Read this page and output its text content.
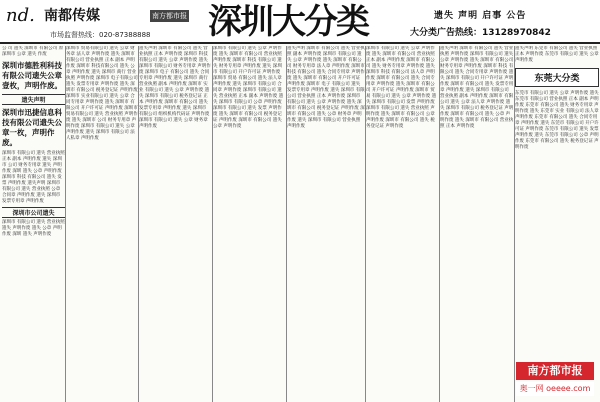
nd. 南都传媒	南方都市报
市场监督热线：020-87388888 深圳大分类	遗失 声明 启事 公告
大分类广告热线：13128970842
公 司 遗失 深圳市 有限公司 原 深圳市 公章 遗失 作废
深圳市德胜利科技有限公司遗失公章壹枚，声明作废。
遗失声明
深圳市迅捷信息科技有限公司遗失公章一枚，声明作废。
深圳市 有限公司 遗失 营业执照 正本 副本 声明作废 遗失 深圳市 公司 财务专用章 遗失 声明作废 深圳 遗失 公章 声明作废 深圳市 科技 有限公司 遗失 发票 声明作废 遗失声明 深圳市 有限公司 遗失 营业执照 公章 合同章 声明作废 遗失 深圳市 发票专用章 声明作废
深圳市公司遗失
深圳市 有限公司 遗失 营业执照 遗失 声明作废 遗失 公章 声明作废 深圳 遗失 声明作废
深圳市 贸易有限公司 遗失 公章 财务章 法人章 声明作废 遗失 深圳市 有限公司 营业执照 正本 副本 声明作废 深圳市 科技有限公司 遗失 公章 声明作废 遗失 深圳市 商行 营业执照 声明作废 深圳市 电子有限公司 遗失 发票专用章 声明作废 遗失 深圳市 有限公司 税务登记证 声明作废 深圳市 实业有限公司 遗失 公章 合同专用章 声明作废 遗失 深圳市 有限公司 开户许可证 声明作废 深圳市 贸易有限公司 遗失 营业执照 声明作废 遗失 深圳市 公司 财务专用章 声明作废 深圳市 有限公司 遗失 公章 声明作废 遗失 深圳市 有限公司 法人私章 声明作废
遗失声明 深圳市 有限公司 遗失 营业执照 正本 声明作废 深圳市 科技 有限公司 遗失 公章 声明作废 遗失 深圳市 有限公司 财务专用章 声明作废 深圳市 电子 有限公司 遗失 合同专用章 声明作废 遗失 深圳市 商行 营业执照 副本 声明作废 深圳市 实业 有限公司 遗失 公章 声明作废 遗失 深圳市 有限公司 税务登记证 正本 声明作废 深圳市 有限公司 遗失 发票专用章 声明作废 遗失 深圳市 有限公司 组织机构代码证 声明作废 深圳市 有限公司 遗失 公章 财务章 声明作废
深圳市 有限公司 遗失 公章 声明作废 遗失 深圳市 有限公司 营业执照 声明作废 深圳市 科技 有限公司 遗失 财务专用章 声明作废 遗失 深圳市 有限公司 开户许可证 声明作废 深圳市 贸易 有限公司 遗失 法人章 声明作废 遗失 深圳市 有限公司 合同章 声明作废 深圳市 有限公司 遗失 营业执照 正本 副本 声明作废 遗失 深圳市 有限公司 公章 声明作废 深圳市 有限公司 遗失 发票 声明作废 遗失 深圳市 有限公司 税务登记证 声明作废 深圳市 有限公司 遗失 公章 声明作废
遗失声明 深圳市 有限公司 遗失 营业执照 副本 声明作废 深圳市 有限公司 遗失 公章 声明作废 遗失 深圳市 有限公司 财务专用章 法人章 声明作废 深圳市 科技 有限公司 遗失 合同专用章 声明作废 遗失 深圳市 有限公司 开户许可证 声明作废 深圳市 电子 有限公司 遗失 发票专用章 声明作废 遗失 深圳市 有限公司 营业执照 正本 声明作废 深圳市 有限公司 遗失 公章 声明作废 遗失 深圳市 有限公司 税务登记证 声明作废 深圳市 有限公司 遗失 公章 财务章 声明作废 遗失 深圳市 有限公司 营业执照 声明作废
深圳市 有限公司 遗失 公章 声明作废 遗失 深圳市 有限公司 营业执照 正本 副本 声明作废 深圳市 有限公司 遗失 财务专用章 声明作废 遗失 深圳市 科技 有限公司 法人章 声明作废 深圳市 有限公司 遗失 合同专用章 声明作废 遗失 深圳市 有限公司 开户许可证 声明作废 深圳市 贸易 有限公司 遗失 公章 声明作废 遗失 深圳市 有限公司 发票 声明作废 深圳市 有限公司 遗失 营业执照 声明作废 遗失 深圳市 有限公司 公章 声明作废 深圳市 有限公司 遗失 税务登记证 声明作废
遗失声明 深圳市 有限公司 遗失 营业执照 声明作废 深圳市 有限公司 遗失 公章 声明作废 遗失 深圳市 有限公司 财务专用章 声明作废 深圳市 科技 有限公司 遗失 合同专用章 声明作废 遗失 深圳市 有限公司 开户许可证 声明作废 深圳市 有限公司 遗失 发票专用章 声明作废 遗失 深圳市 有限公司 营业执照 副本 声明作废 深圳市 有限公司 遗失 公章 法人章 声明作废 遗失 深圳市 有限公司 税务登记证 声明作废 深圳市 有限公司 遗失 公章 声明作废 遗失 深圳市 有限公司 营业执照 正本 声明作废
遗失声明 东莞市 有限公司 遗失 营业执照 正本 声明作废 东莞市 有限公司 遗失 公章 声明作废
东莞大分类
东莞市 有限公司 遗失 公章 声明作废 遗失 东莞市 有限公司 营业执照 正本 副本 声明作废 东莞市 有限公司 遗失 财务专用章 声明作废 遗失 东莞市 实业 有限公司 法人章 声明作废 东莞市 有限公司 遗失 合同专用章 声明作废 遗失 东莞市 有限公司 开户许可证 声明作废 东莞市 有限公司 遗失 发票 声明作废 遗失 东莞市 有限公司 公章 声明作废 东莞市 有限公司 遗失 税务登记证 声明作废
南方都市报
奥一网 oeeee.com
